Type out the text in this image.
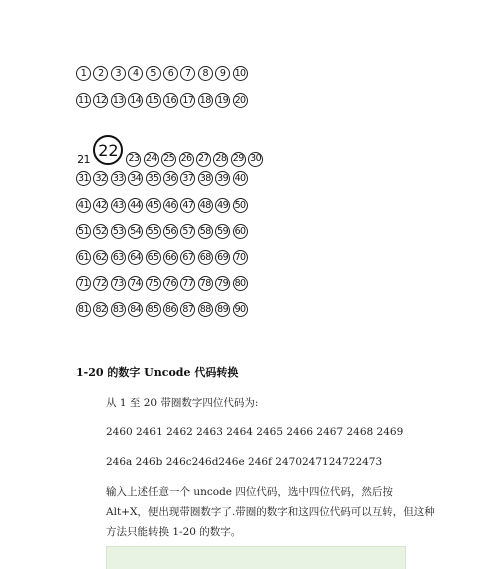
1	2	3	4	5	6	7	8	9 10
11 12 13 14 15 16 17 18 19 20
21 22	23 24 25 26 27 28 29 30
31 32 33 34 35 36 37 38 39 40
41 42 43 44 45 46 47 48 49 50
51 52 53 54 55 56 57 58 59 60
61 62 63 64 65 66 67 68 69 70
71 72 73 74 75 76 77 78 79 80
81 82 83 84 85 86 87 88 89 90
1-20 的数字 Uncode 代码转换
从 1 至 20 带圈数字四位代码为:
2460 2461 2462 2463 2464 2465 2466 2467 2468 2469
246a 246b 246c246d246e 246f 2470247124722473
输入上述任意一个 uncode 四位代码，选中四位代码，然后按 Alt+X，便出现带圈数字了.带圈的数字和这四位代码可以互转，但这种方法只能转换 1-20 的数字。
